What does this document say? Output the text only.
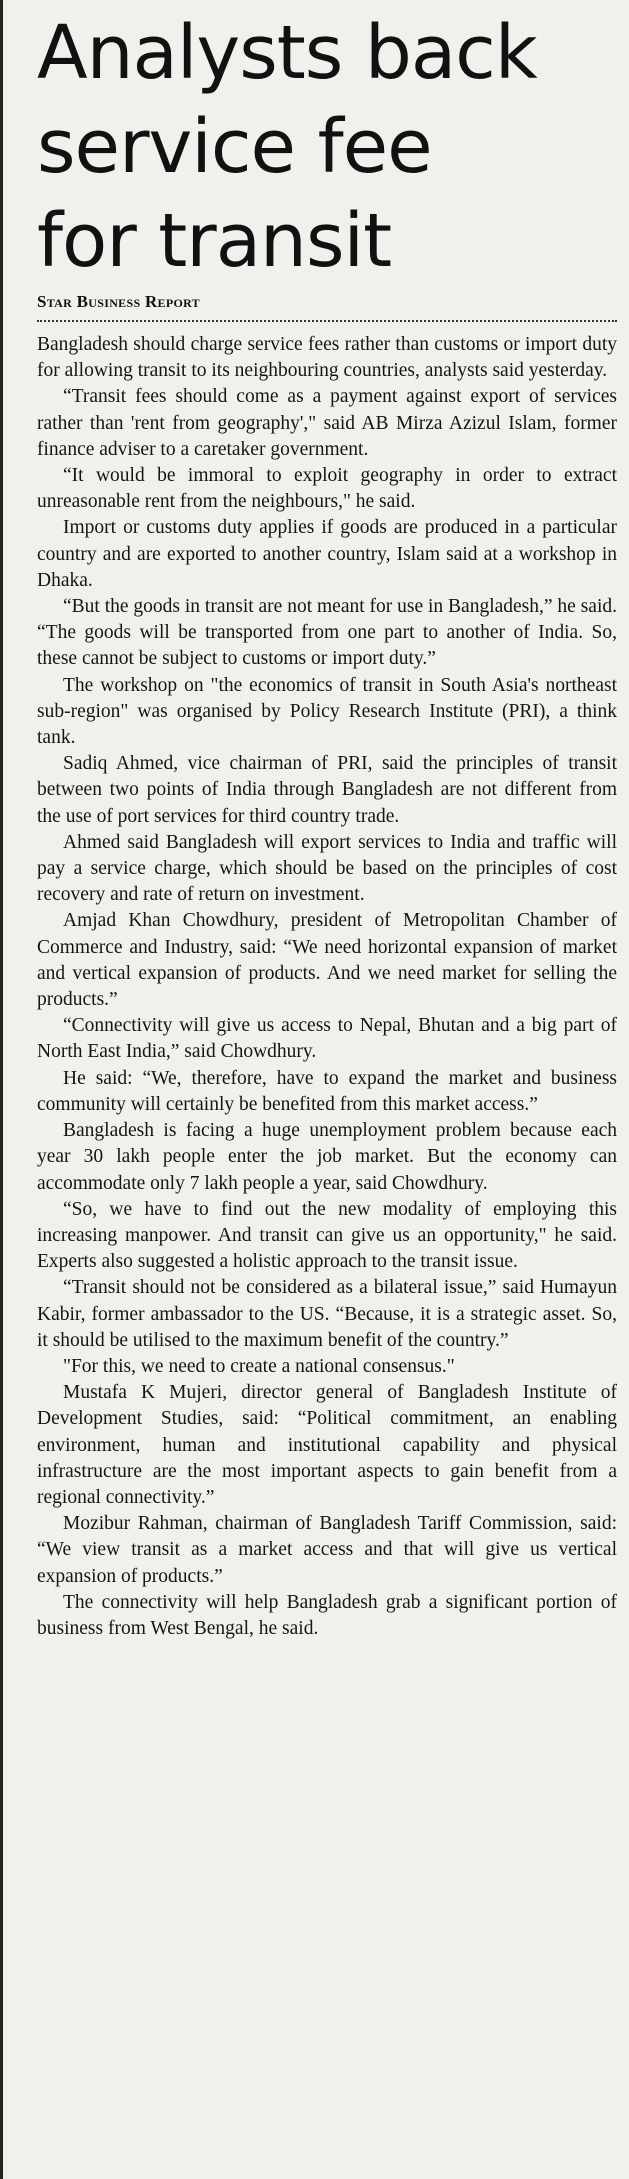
Analysts back
service fee
for transit
Star Business Report

Bangladesh should charge service fees rather than customs or import duty for allowing transit to its neighbouring countries, analysts said yesterday.

“Transit fees should come as a payment against export of services rather than 'rent from geography'," said AB Mirza Azizul Islam, former finance adviser to a caretaker government.

“It would be immoral to exploit geography in order to extract unreasonable rent from the neighbours," he said.

Import or customs duty applies if goods are produced in a particular country and are exported to another country, Islam said at a workshop in Dhaka.

“But the goods in transit are not meant for use in Bangladesh,” he said. “The goods will be transported from one part to another of India. So, these cannot be subject to customs or import duty.”

The workshop on "the economics of transit in South Asia's northeast sub-region" was organised by Policy Research Institute (PRI), a think tank.

Sadiq Ahmed, vice chairman of PRI, said the principles of transit between two points of India through Bangladesh are not different from the use of port services for third country trade.

Ahmed said Bangladesh will export services to India and traffic will pay a service charge, which should be based on the principles of cost recovery and rate of return on investment.

Amjad Khan Chowdhury, president of Metropolitan Chamber of Commerce and Industry, said: “We need horizontal expansion of market and vertical expansion of products. And we need market for selling the products.”

“Connectivity will give us access to Nepal, Bhutan and a big part of North East India,” said Chowdhury.

He said: “We, therefore, have to expand the market and business community will certainly be benefited from this market access.”

Bangladesh is facing a huge unemployment problem because each year 30 lakh people enter the job market. But the economy can accommodate only 7 lakh people a year, said Chowdhury.

“So, we have to find out the new modality of employing this increasing manpower. And transit can give us an opportunity," he said. Experts also suggested a holistic approach to the transit issue.

“Transit should not be considered as a bilateral issue,” said Humayun Kabir, former ambassador to the US. “Because, it is a strategic asset. So, it should be utilised to the maximum benefit of the country.”

"For this, we need to create a national consensus."

Mustafa K Mujeri, director general of Bangladesh Institute of Development Studies, said: “Political commitment, an enabling environment, human and institutional capability and physical infrastructure are the most important aspects to gain benefit from a regional connectivity.”

Mozibur Rahman, chairman of Bangladesh Tariff Commission, said: “We view transit as a market access and that will give us vertical expansion of products.”

The connectivity will help Bangladesh grab a significant portion of business from West Bengal, he said.
